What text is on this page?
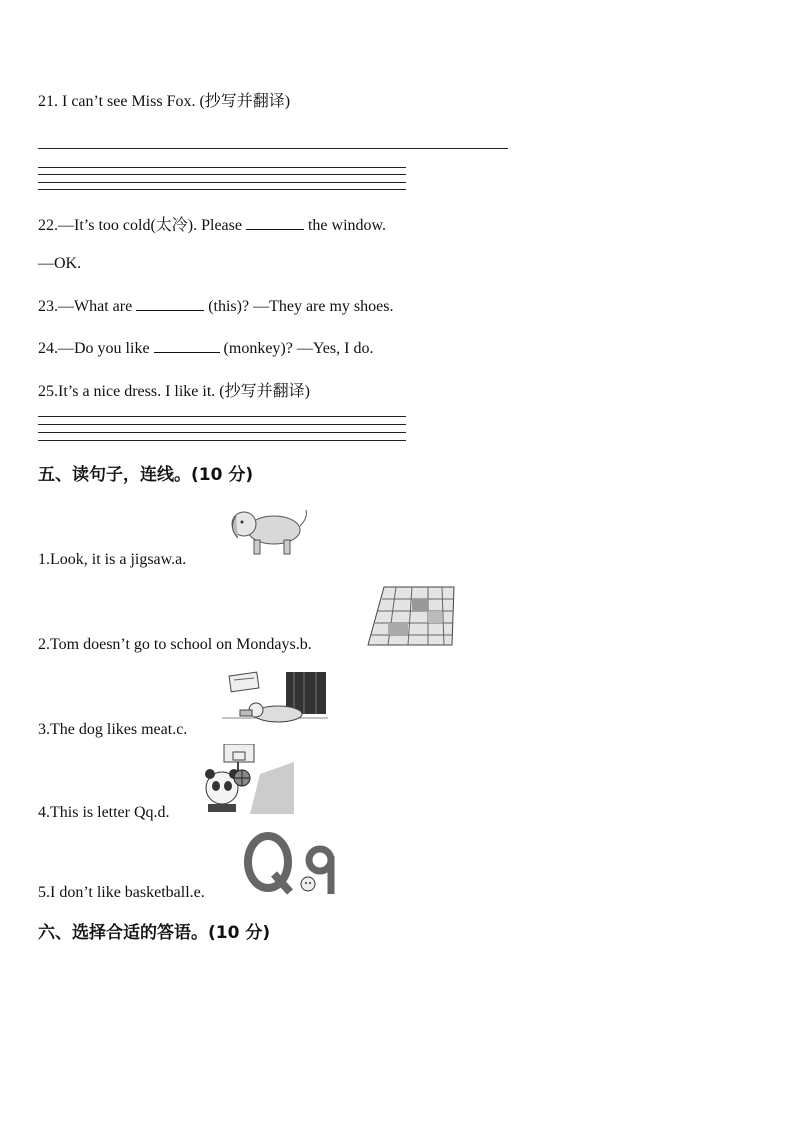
21. I can’t see Miss Fox. (抄写并翻译)
22.—It’s too cold(太冷). Please	the window.
—OK.
23.—What are	(this)? —They are my shoes.
24.—Do you like	(monkey)? —Yes, I do.
25.It’s a nice dress. I like it. (抄写并翻译)
五、读句子，连线。(10 分)
1.Look, it is a jigsaw.a.
2.Tom doesn’t go to school on Mondays.b.
3.The dog likes meat.c.
4.This is letter Qq.d.
5.I don’t like basketball.e.
六、选择合适的答语。(10 分)
